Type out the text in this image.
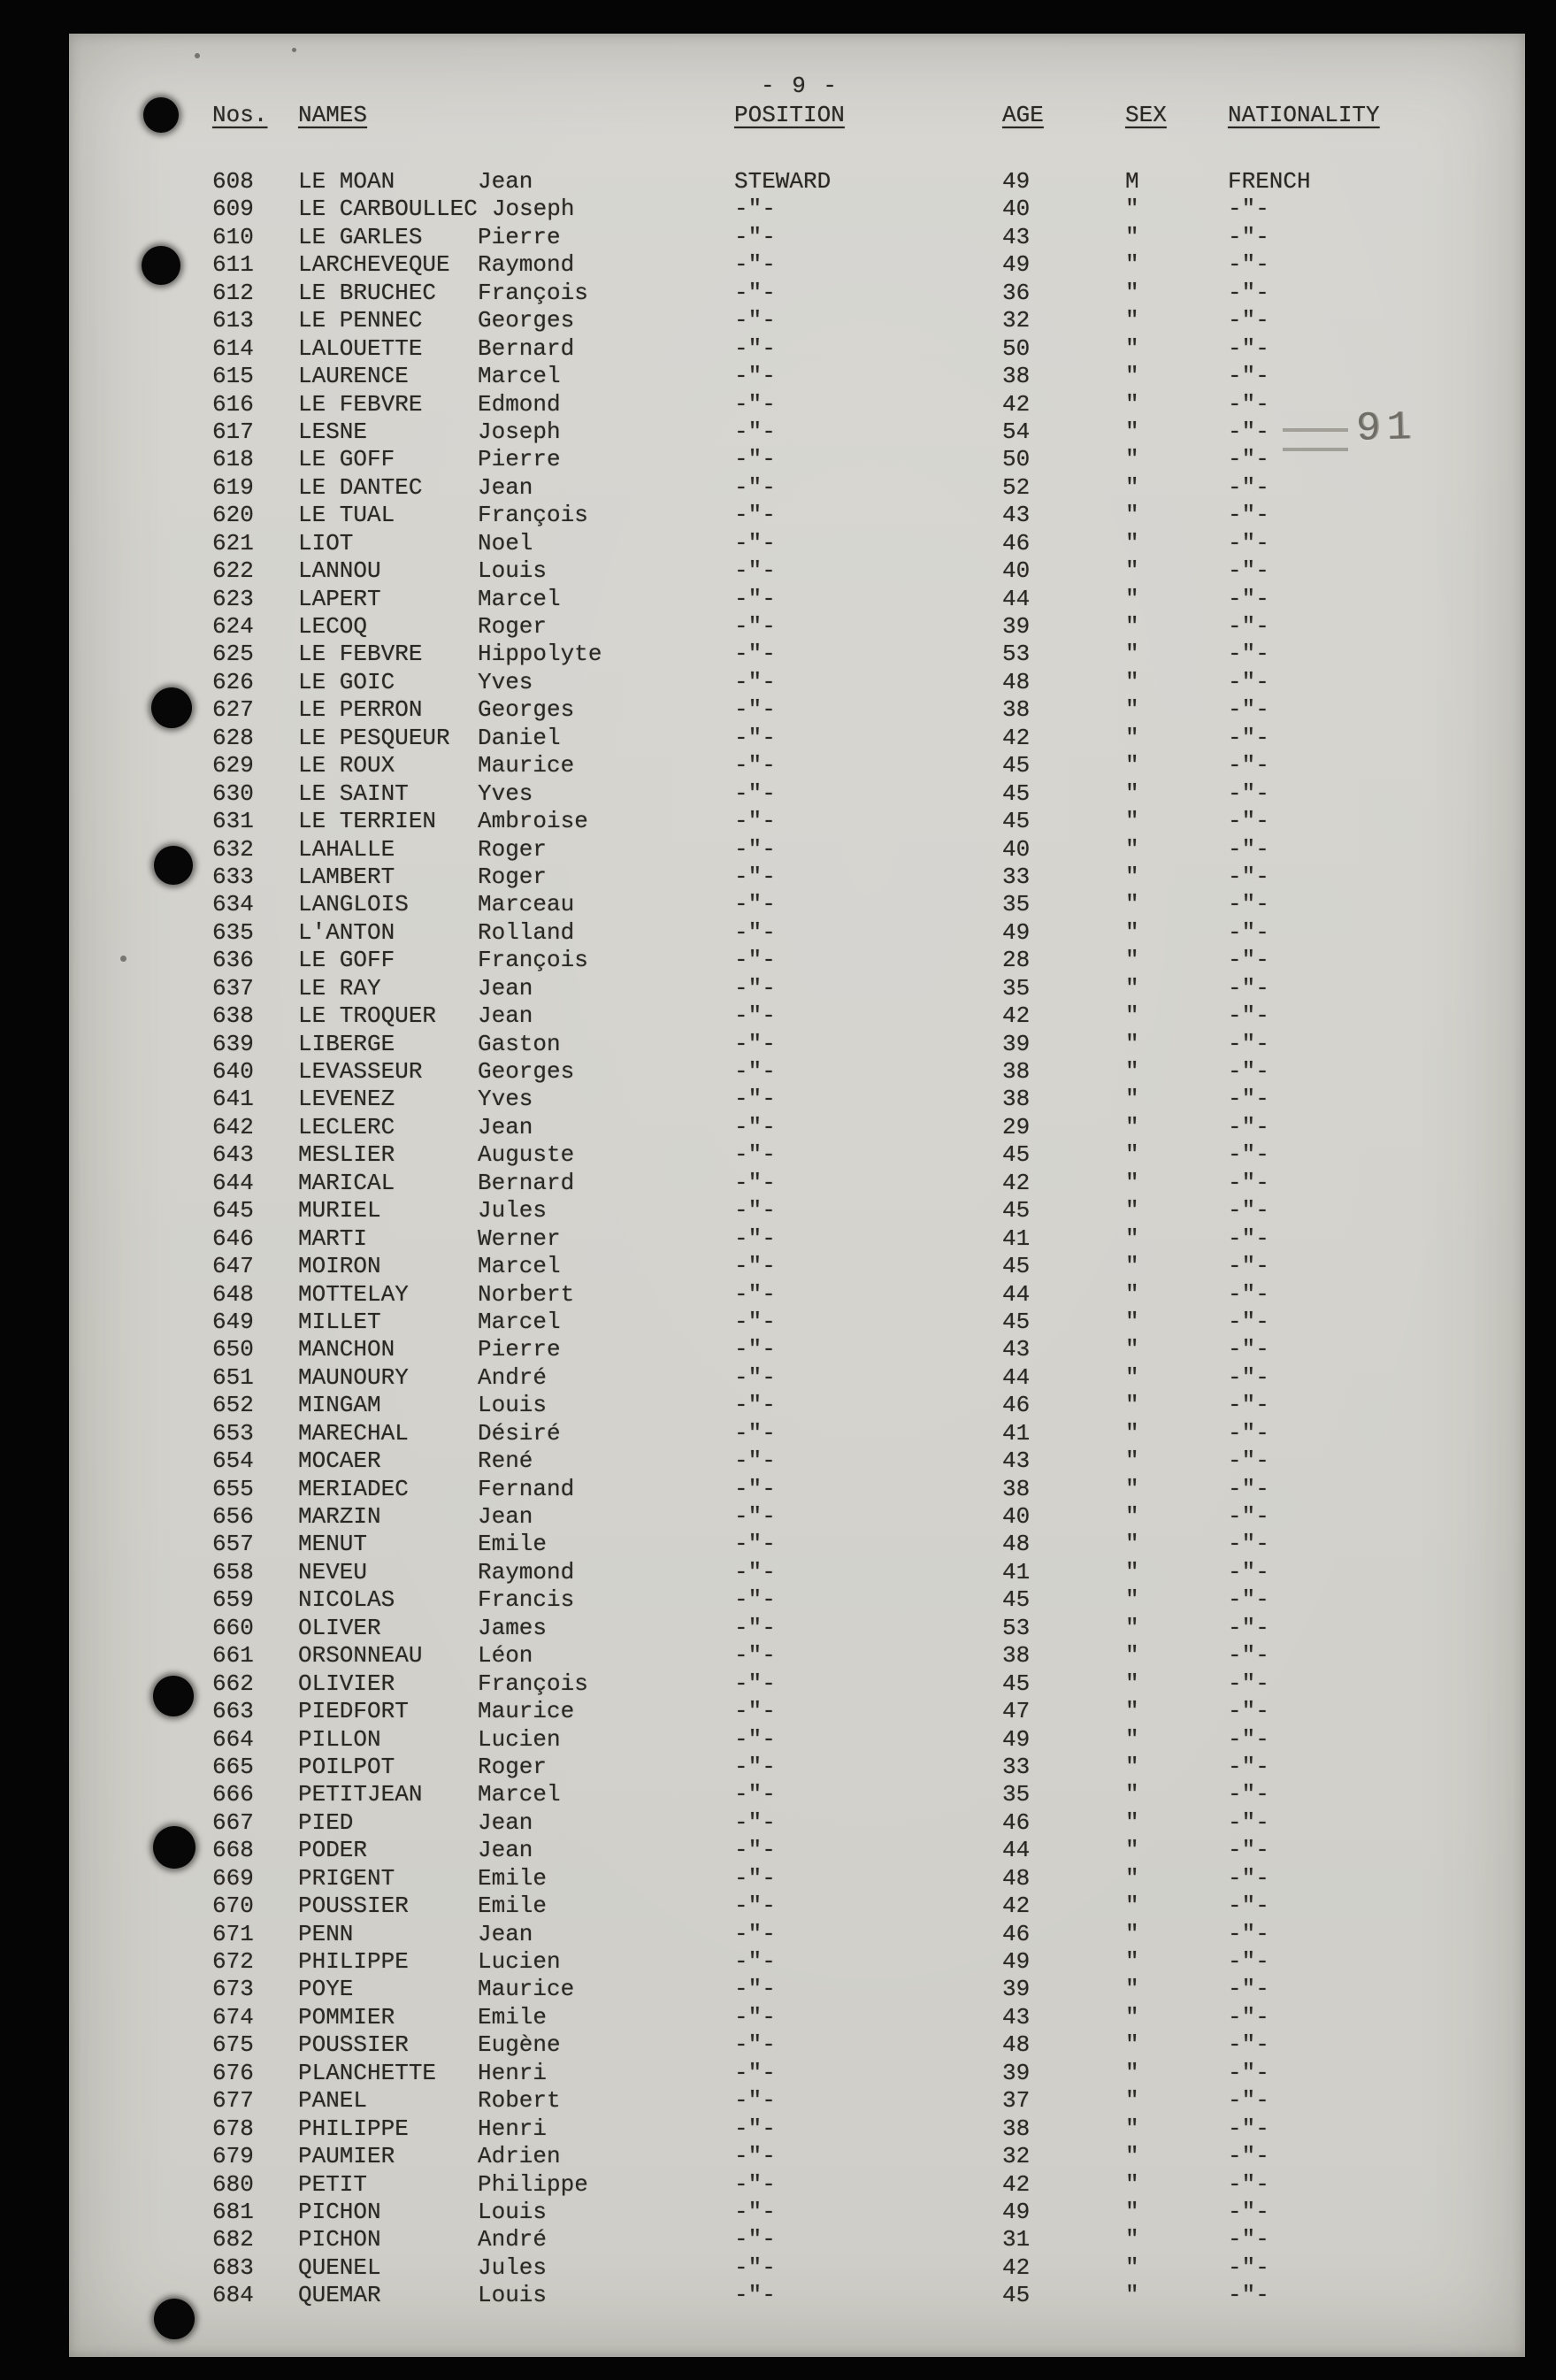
- 9 -
91
Nos.	NAMES	POSITION	AGE	SEX	NATIONALITY
608	LE MOAN	Jean	STEWARD	49	M	FRENCH
609	LE CARBOULLEC Joseph	-"-	40	"	-"-
610	LE GARLES	Pierre	-"-	43	"	-"-
611	LARCHEVEQUE	Raymond	-"-	49	"	-"-
612	LE BRUCHEC	François	-"-	36	"	-"-
613	LE PENNEC	Georges	-"-	32	"	-"-
614	LALOUETTE	Bernard	-"-	50	"	-"-
615	LAURENCE	Marcel	-"-	38	"	-"-
616	LE FEBVRE	Edmond	-"-	42	"	-"-
617	LESNE	Joseph	-"-	54	"	-"-
618	LE GOFF	Pierre	-"-	50	"	-"-
619	LE DANTEC	Jean	-"-	52	"	-"-
620	LE TUAL	François	-"-	43	"	-"-
621	LIOT	Noel	-"-	46	"	-"-
622	LANNOU	Louis	-"-	40	"	-"-
623	LAPERT	Marcel	-"-	44	"	-"-
624	LECOQ	Roger	-"-	39	"	-"-
625	LE FEBVRE	Hippolyte	-"-	53	"	-"-
626	LE GOIC	Yves	-"-	48	"	-"-
627	LE PERRON	Georges	-"-	38	"	-"-
628	LE PESQUEUR	Daniel	-"-	42	"	-"-
629	LE ROUX	Maurice	-"-	45	"	-"-
630	LE SAINT	Yves	-"-	45	"	-"-
631	LE TERRIEN	Ambroise	-"-	45	"	-"-
632	LAHALLE	Roger	-"-	40	"	-"-
633	LAMBERT	Roger	-"-	33	"	-"-
634	LANGLOIS	Marceau	-"-	35	"	-"-
635	L'ANTON	Rolland	-"-	49	"	-"-
636	LE GOFF	François	-"-	28	"	-"-
637	LE RAY	Jean	-"-	35	"	-"-
638	LE TROQUER	Jean	-"-	42	"	-"-
639	LIBERGE	Gaston	-"-	39	"	-"-
640	LEVASSEUR	Georges	-"-	38	"	-"-
641	LEVENEZ	Yves	-"-	38	"	-"-
642	LECLERC	Jean	-"-	29	"	-"-
643	MESLIER	Auguste	-"-	45	"	-"-
644	MARICAL	Bernard	-"-	42	"	-"-
645	MURIEL	Jules	-"-	45	"	-"-
646	MARTI	Werner	-"-	41	"	-"-
647	MOIRON	Marcel	-"-	45	"	-"-
648	MOTTELAY	Norbert	-"-	44	"	-"-
649	MILLET	Marcel	-"-	45	"	-"-
650	MANCHON	Pierre	-"-	43	"	-"-
651	MAUNOURY	André	-"-	44	"	-"-
652	MINGAM	Louis	-"-	46	"	-"-
653	MARECHAL	Désiré	-"-	41	"	-"-
654	MOCAER	René	-"-	43	"	-"-
655	MERIADEC	Fernand	-"-	38	"	-"-
656	MARZIN	Jean	-"-	40	"	-"-
657	MENUT	Emile	-"-	48	"	-"-
658	NEVEU	Raymond	-"-	41	"	-"-
659	NICOLAS	Francis	-"-	45	"	-"-
660	OLIVER	James	-"-	53	"	-"-
661	ORSONNEAU	Léon	-"-	38	"	-"-
662	OLIVIER	François	-"-	45	"	-"-
663	PIEDFORT	Maurice	-"-	47	"	-"-
664	PILLON	Lucien	-"-	49	"	-"-
665	POILPOT	Roger	-"-	33	"	-"-
666	PETITJEAN	Marcel	-"-	35	"	-"-
667	PIED	Jean	-"-	46	"	-"-
668	PODER	Jean	-"-	44	"	-"-
669	PRIGENT	Emile	-"-	48	"	-"-
670	POUSSIER	Emile	-"-	42	"	-"-
671	PENN	Jean	-"-	46	"	-"-
672	PHILIPPE	Lucien	-"-	49	"	-"-
673	POYE	Maurice	-"-	39	"	-"-
674	POMMIER	Emile	-"-	43	"	-"-
675	POUSSIER	Eugène	-"-	48	"	-"-
676	PLANCHETTE	Henri	-"-	39	"	-"-
677	PANEL	Robert	-"-	37	"	-"-
678	PHILIPPE	Henri	-"-	38	"	-"-
679	PAUMIER	Adrien	-"-	32	"	-"-
680	PETIT	Philippe	-"-	42	"	-"-
681	PICHON	Louis	-"-	49	"	-"-
682	PICHON	André	-"-	31	"	-"-
683	QUENEL	Jules	-"-	42	"	-"-
684	QUEMAR	Louis	-"-	45	"	-"-
